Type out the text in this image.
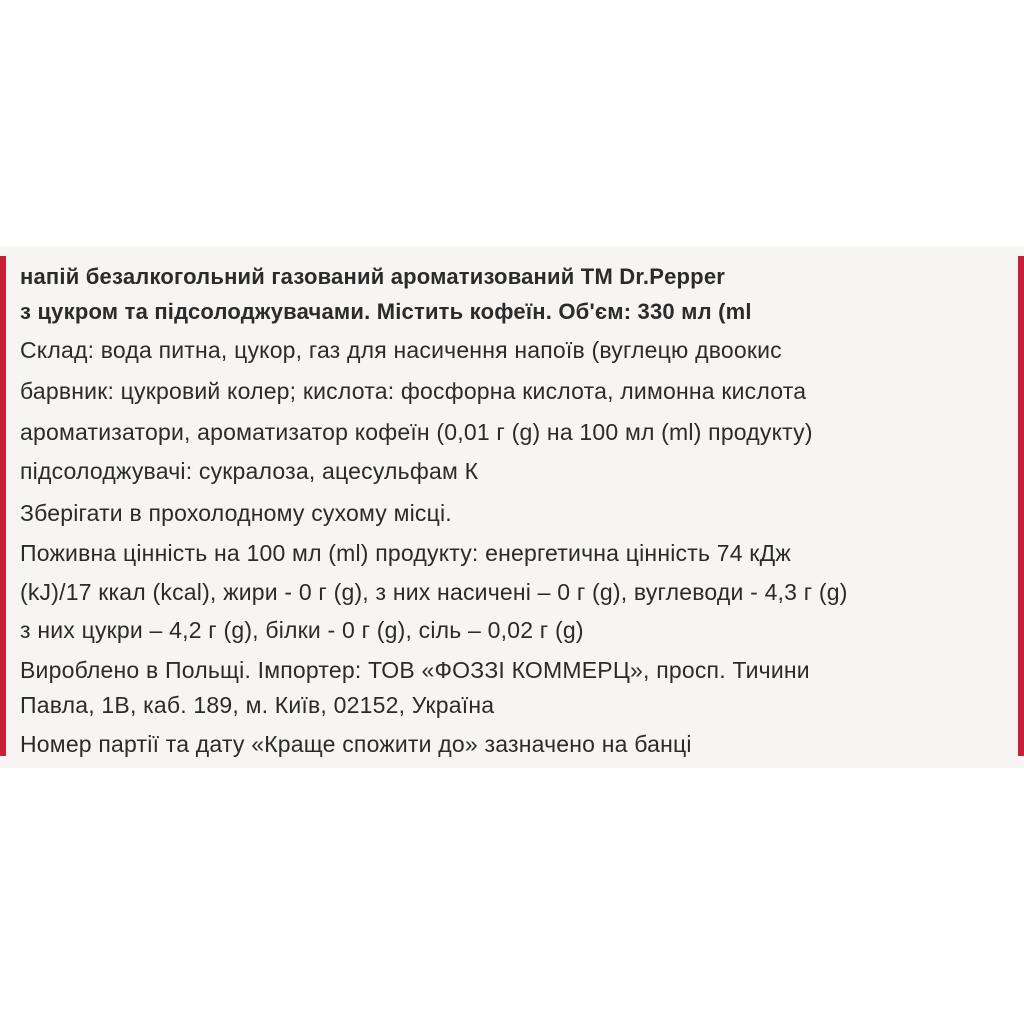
напій безалкогольний газований ароматизований ТМ Dr.Pepper
з цукром та підсолоджувачами. Містить кофеїн. Об'єм: 330 мл (ml
Склад: вода питна, цукор, газ для насичення напоїв (вуглецю двоокис
барвник: цукровий колер; кислота: фосфорна кислота, лимонна кислота
ароматизатори, ароматизатор кофеїн (0,01 г (g) на 100 мл (ml) продукту)
підсолоджувачі: сукралоза, ацесульфам К
Зберігати в прохолодному сухому місці.
Поживна цінність на 100 мл (ml) продукту: енергетична цінність 74 кДж
(kJ)/17 ккал (kcal), жири - 0 г (g), з них насичені – 0 г (g), вуглеводи - 4,3 г (g)
з них цукри – 4,2 г (g), білки - 0 г (g), сіль – 0,02 г (g)
Вироблено в Польщі. Імпортер: ТОВ «ФОЗЗІ КОММЕРЦ», просп. Тичини
Павла, 1В, каб. 189, м. Київ, 02152, Україна
Номер партії та дату «Краще спожити до» зазначено на банці
